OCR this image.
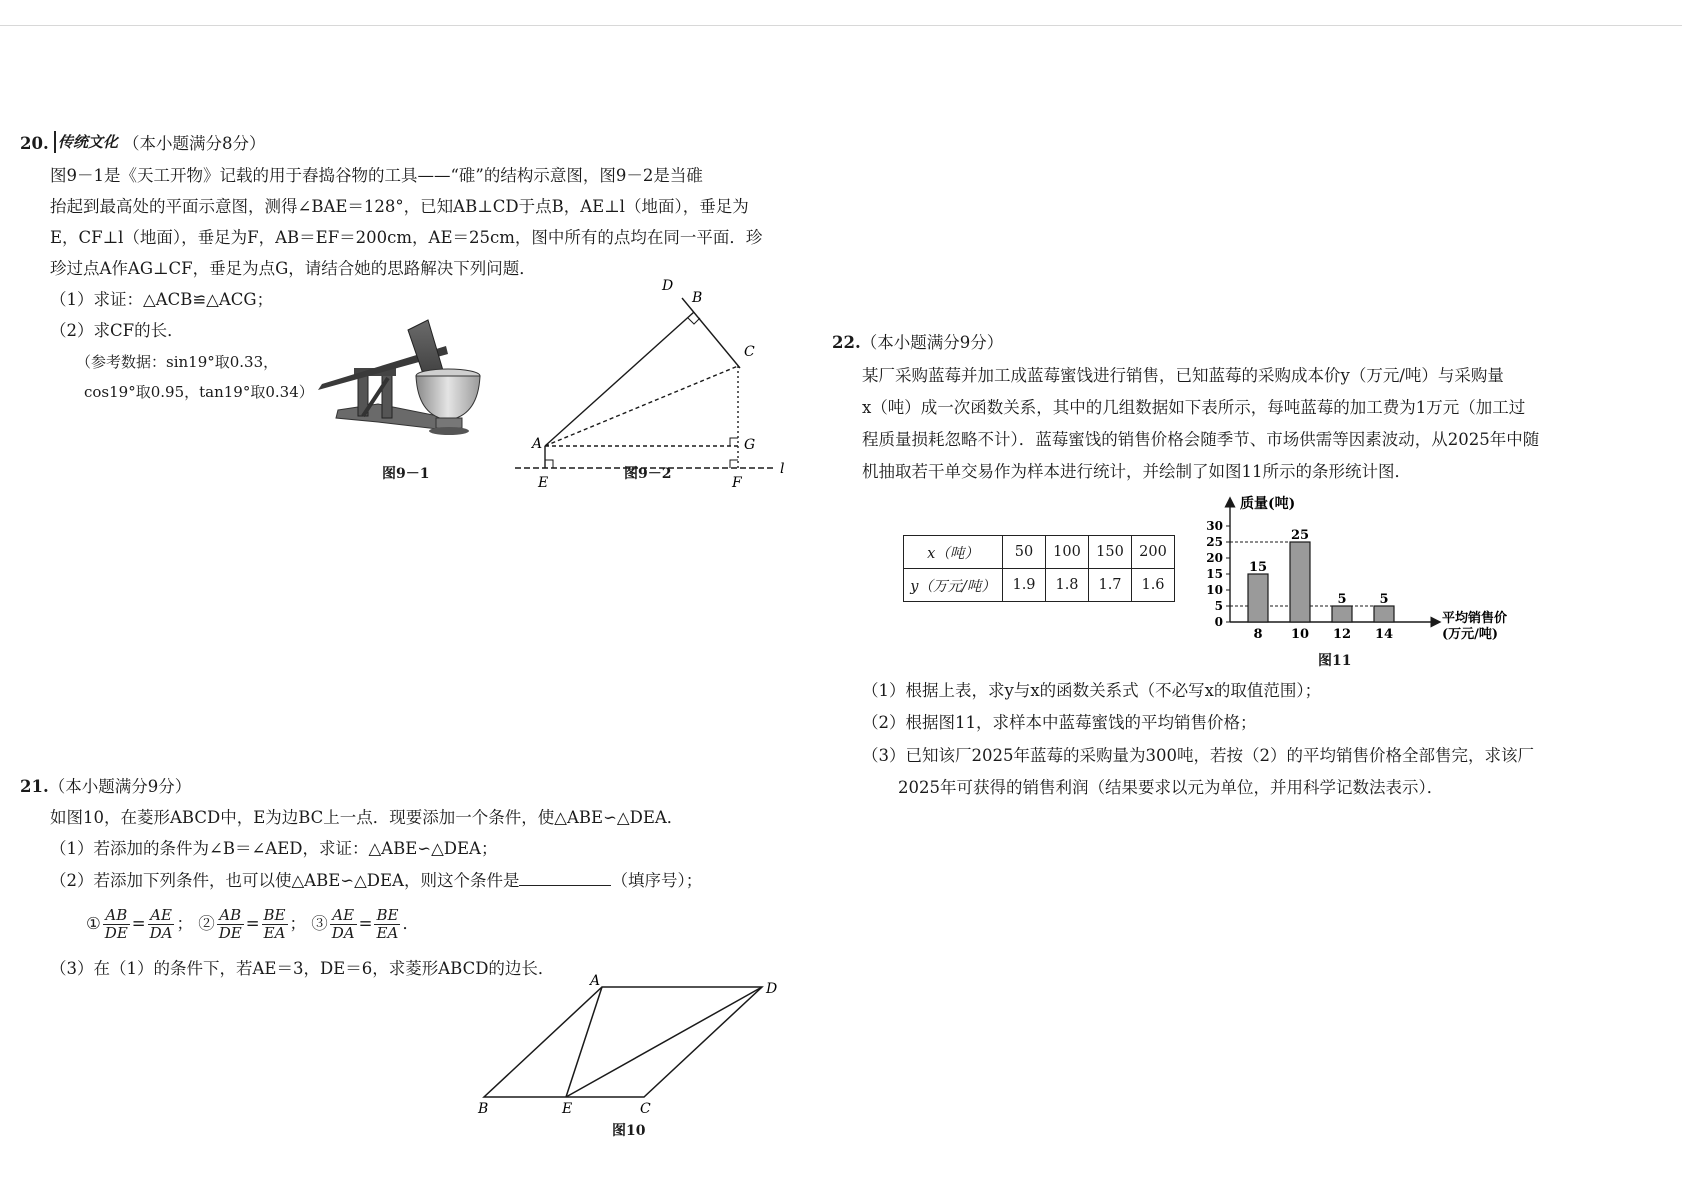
20. 传统文化 （本小题满分8分）
图9－1是《天工开物》记载的用于舂捣谷物的工具——“碓”的结构示意图，图9－2是当碓
抬起到最高处的平面示意图，测得∠BAE＝128°，已知AB⊥CD于点B，AE⊥l（地面），垂足为
E，CF⊥l（地面），垂足为F，AB＝EF＝200cm，AE＝25cm，图中所有的点均在同一平面．珍
珍过点A作AG⊥CF，垂足为点G，请结合她的思路解决下列问题．
（1）求证：△ACB≌△ACG；
（2）求CF的长．
（参考数据：sin19°取0.33，
cos19°取0.95，tan19°取0.34）
图9－1
D
B
C
A	G
E	F
l
图9－2
21.（本小题满分9分）
如图10，在菱形ABCD中，E为边BC上一点．现要添加一个条件，使△ABE∽△DEA．
（1）若添加的条件为∠B＝∠AED，求证：△ABE∽△DEA；
（2）若添加下列条件，也可以使△ABE∽△DEA，则这个条件是	（填序号）；
① $\frac{AB}{DE} = \frac{AE}{DA}$ ； ② $\frac{AB}{DE} = \frac{BE}{EA}$ ； ③ $\frac{AE}{DA} = \frac{BE}{EA}$ ．
（3）在（1）的条件下，若AE＝3，DE＝6，求菱形ABCD的边长．
A	D
B	E	C
图10
22.（本小题满分9分）
某厂采购蓝莓并加工成蓝莓蜜饯进行销售，已知蓝莓的采购成本价y（万元/吨）与采购量
x（吨）成一次函数关系，其中的几组数据如下表所示，每吨蓝莓的加工费为1万元（加工过
程质量损耗忽略不计）．蓝莓蜜饯的销售价格会随季节、市场供需等因素波动，从2025年中随
机抽取若干单交易作为样本进行统计，并绘制了如图11所示的条形统计图．
x（吨）	50	100	150	200
y（万元/吨）	1.9	1.8	1.7	1.6
质量(吨)
平均销售价
(万元/吨)
0
5
10
15
20
25
30
15
8
25
10
5
12
5
14
图11
（1）根据上表，求y与x的函数关系式（不必写x的取值范围）；
（2）根据图11，求样本中蓝莓蜜饯的平均销售价格；
（3）已知该厂2025年蓝莓的采购量为300吨，若按（2）的平均销售价格全部售完，求该厂
2025年可获得的销售利润（结果要求以元为单位，并用科学记数法表示）．
